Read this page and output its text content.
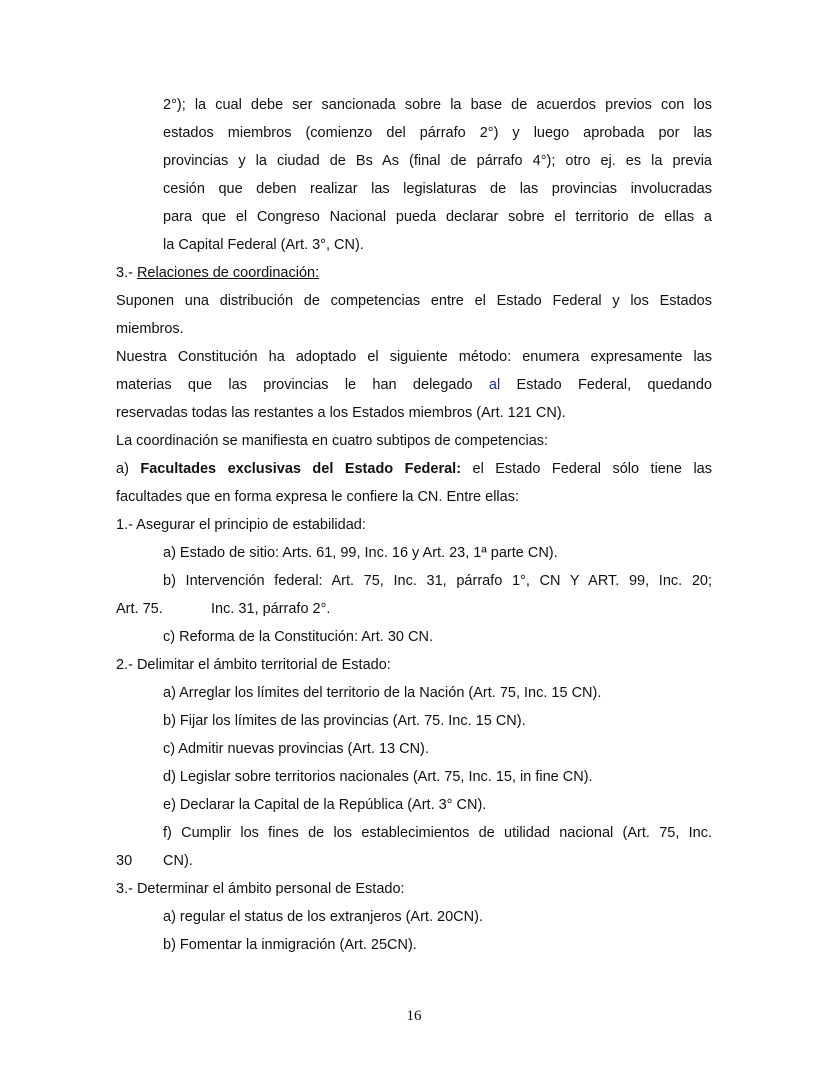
2°); la cual debe ser sancionada sobre la base de acuerdos previos con los
estados miembros (comienzo del párrafo 2°) y luego aprobada por las
provincias y la ciudad de Bs As (final de párrafo 4°); otro ej. es la previa
cesión que deben realizar las legislaturas de las provincias involucradas
para que el Congreso Nacional pueda declarar sobre el territorio de ellas a
la Capital Federal (Art. 3°, CN).
3.- Relaciones de coordinación:
Suponen una distribución de competencias entre el Estado Federal y los Estados
miembros.
Nuestra Constitución ha adoptado el siguiente método: enumera expresamente las
materias que las provincias le han delegado al Estado Federal, quedando
reservadas todas las restantes a los Estados miembros (Art. 121 CN).
La coordinación se manifiesta en cuatro subtipos de competencias:
a) Facultades exclusivas del Estado Federal: el Estado Federal sólo tiene las
facultades que en forma expresa le confiere la CN. Entre ellas:
1.- Asegurar el principio de estabilidad:
a) Estado de sitio: Arts. 61, 99, Inc. 16 y Art. 23, 1ª parte CN).
b) Intervención federal: Art. 75, Inc. 31, párrafo 1°, CN Y ART. 99, Inc. 20;
Art. 75.	Inc. 31, párrafo 2°.
c) Reforma de la Constitución: Art. 30 CN.
2.- Delimitar el ámbito territorial de Estado:
a) Arreglar los límites del territorio de la Nación (Art. 75, Inc. 15 CN).
b) Fijar los límites de las provincias (Art. 75. Inc. 15 CN).
c) Admitir nuevas provincias (Art. 13 CN).
d) Legislar sobre territorios nacionales (Art. 75, Inc. 15, in fine CN).
e) Declarar la Capital de la República (Art. 3° CN).
f) Cumplir los fines de los establecimientos de utilidad nacional (Art. 75, Inc.
30 CN).
3.- Determinar el ámbito personal de Estado:
a) regular el status de los extranjeros (Art. 20CN).
b) Fomentar la inmigración (Art. 25CN).
16
